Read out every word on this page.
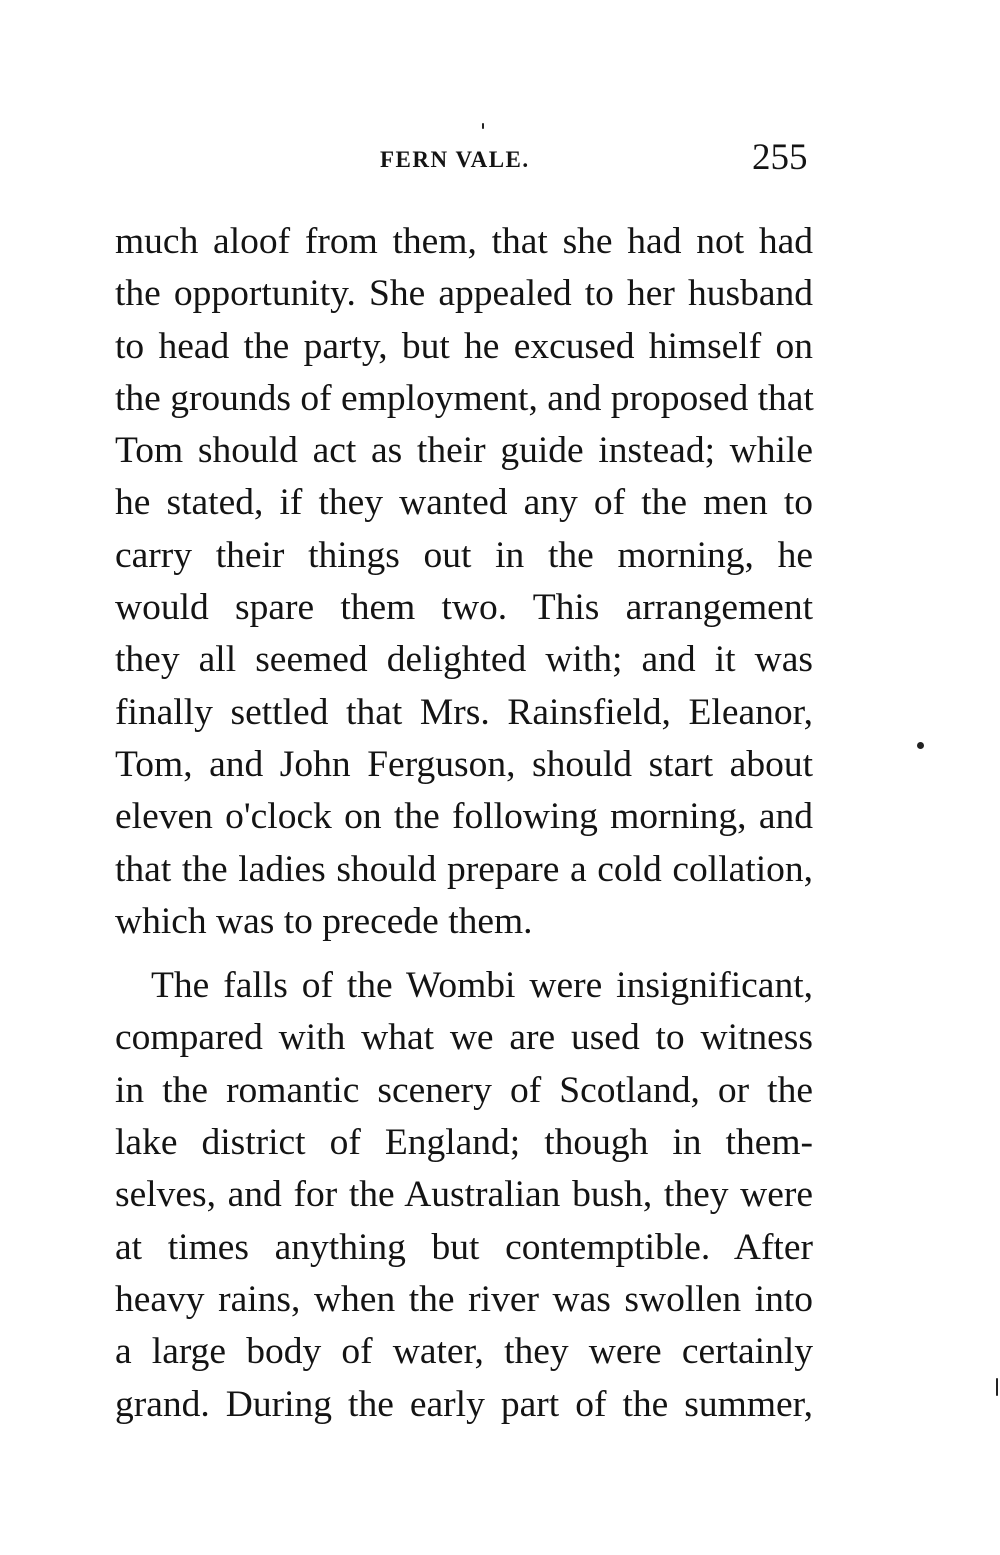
FERN VALE.	255
much aloof from them, that she had not had
the opportunity. She appealed to her husband
to head the party, but he excused himself on
the grounds of employment, and proposed that
Tom should act as their guide instead; while
he stated, if they wanted any of the men to
carry their things out in the morning, he
would spare them two. This arrangement
they all seemed delighted with; and it was
finally settled that Mrs. Rainsfield, Eleanor,
Tom, and John Ferguson, should start about
eleven o'clock on the following morning, and
that the ladies should prepare a cold collation,
which was to precede them.
The falls of the Wombi were insignificant,
compared with what we are used to witness
in the romantic scenery of Scotland, or the
lake district of England; though in them-
selves, and for the Australian bush, they were
at times anything but contemptible. After
heavy rains, when the river was swollen into
a large body of water, they were certainly
grand. During the early part of the summer,
